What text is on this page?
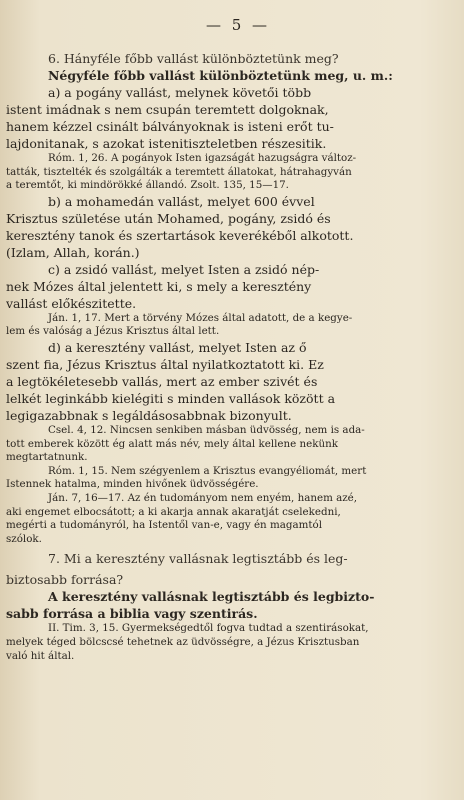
— 5 —
6. Hányféle főbb vallást különböztetünk meg?
Négyféle főbb vallást különböztetünk meg, u. m.:
a) a pogány vallást, melynek követői több
istent imádnak s nem csupán teremtett dolgoknak,
hanem kézzel csinált bálványoknak is isteni erőt tu-
lajdonitanak, s azokat istenitiszteletben részesitik.
Róm. 1, 26. A pogányok Isten igazságát hazugságra változ-
tatták, tisztelték és szolgálták a teremtett állatokat, hátrahagyván
a teremtőt, ki mindörökké állandó. Zsolt. 135, 15—17.
b) a mohamedán vallást, melyet 600 évvel
Krisztus születése után Mohamed, pogány, zsidó és
keresztény tanok és szertartások keverékéből alkotott.
(Izlam, Allah, korán.)
c) a zsidó vallást, melyet Isten a zsidó nép-
nek Mózes által jelentett ki, s mely a keresztény
vallást előkészitette.
Ján. 1, 17. Mert a törvény Mózes által adatott, de a kegye-
lem és valóság a Jézus Krisztus által lett.
d) a keresztény vallást, melyet Isten az ő
szent fia, Jézus Krisztus által nyilatkoztatott ki. Ez
a legtökéletesebb vallás, mert az ember szivét és
lelkét leginkább kielégiti s minden vallások között a
legigazabbnak s legáldásosabbnak bizonyult.
Csel. 4, 12. Nincsen senkiben másban üdvösség, nem is ada-
tott emberek között ég alatt más név, mely által kellene nekünk
megtartatnunk.
Róm. 1, 15. Nem szégyenlem a Krisztus evangyéliomát, mert
Istennek hatalma, minden hivőnek üdvösségére.
Ján. 7, 16—17. Az én tudományom nem enyém, hanem azé,
aki engemet elbocsátott; a ki akarja annak akaratját cselekedni,
megérti a tudományról, ha Istentől van-e, vagy én magamtól
szólok.
7. Mi a keresztény vallásnak legtisztább és leg-
biztosabb forrása?
A keresztény vallásnak legtisztább és legbizto-
sabb forrása a biblia vagy szentirás.
II. Tim. 3, 15. Gyermekségedtől fogva tudtad a szentirásokat,
melyek téged bölcscsé tehetnek az üdvösségre, a Jézus Krisztusban
való hit által.
